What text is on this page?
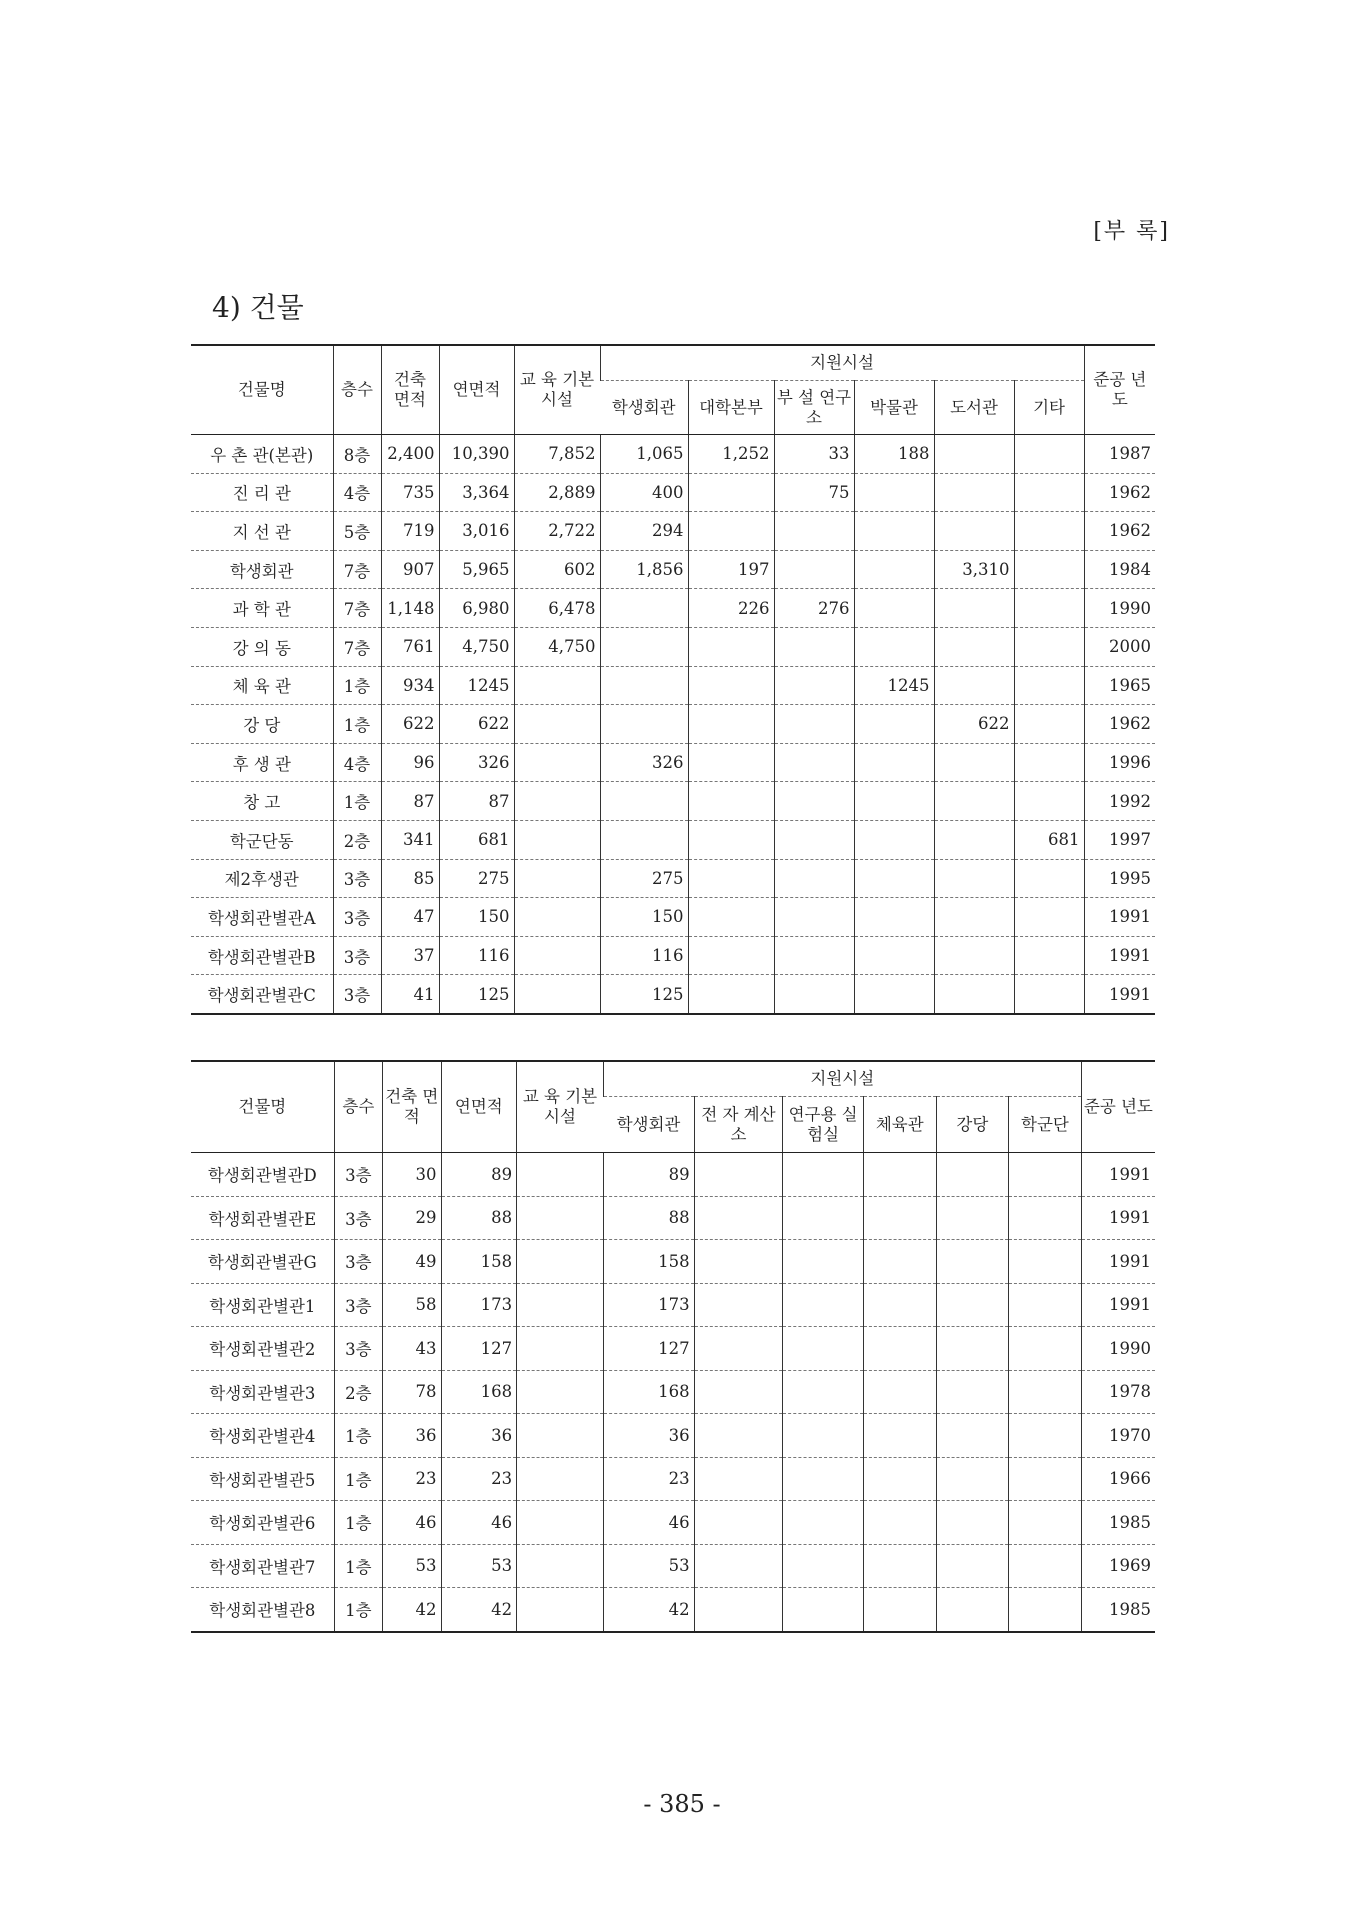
[부 록]
4) 건물
건물명	층수	건축 면적	연면적	교 육 기본시설	지원시설						준공 년도
					학생회관	대학본부	부 설 연구소	박물관	도서관	기타	
우 촌 관(본관)	8층	2,400	10,390	7,852	1,065	1,252	33	188			1987
진 리 관	4층	735	3,364	2,889	400		75				1962
지 선 관	5층	719	3,016	2,722	294						1962
학생회관	7층	907	5,965	602	1,856	197			3,310		1984
과 학 관	7층	1,148	6,980	6,478		226	276				1990
강 의 동	7층	761	4,750	4,750							2000
체 육 관	1층	934	1245					1245			1965
강 당	1층	622	622						622		1962
후 생 관	4층	96	326		326						1996
창 고	1층	87	87								1992
학군단동	2층	341	681							681	1997
제2후생관	3층	85	275		275						1995
학생회관별관A	3층	47	150		150						1991
학생회관별관B	3층	37	116		116						1991
학생회관별관C	3층	41	125		125						1991
건물명	층수	건축 면적	연면적	교 육 기본시설	지원시설						준공 년도
					학생회관	전 자 계산소	연구용 실험실	체육관	강당	학군단	
학생회관별관D	3층	30	89		89						1991
학생회관별관E	3층	29	88		88						1991
학생회관별관G	3층	49	158		158						1991
학생회관별관1	3층	58	173		173						1991
학생회관별관2	3층	43	127		127						1990
학생회관별관3	2층	78	168		168						1978
학생회관별관4	1층	36	36		36						1970
학생회관별관5	1층	23	23		23						1966
학생회관별관6	1층	46	46		46						1985
학생회관별관7	1층	53	53		53						1969
학생회관별관8	1층	42	42		42						1985
- 385 -
